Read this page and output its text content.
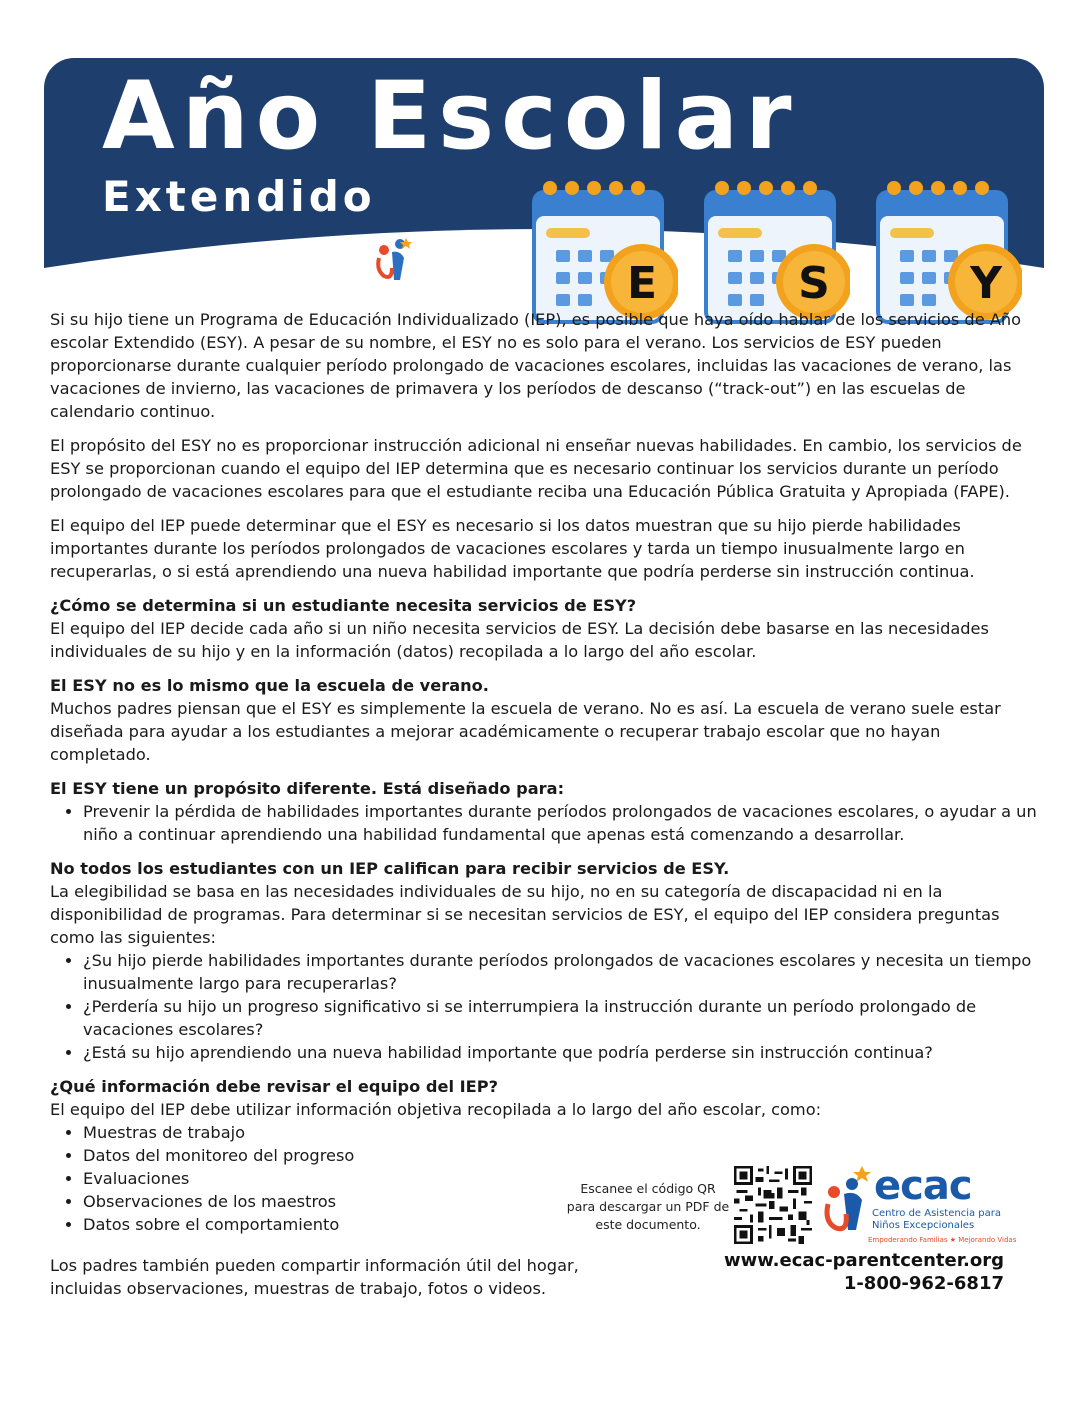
Año Escolar
Extendido
E	S	Y

Si su hijo tiene un Programa de Educación Individualizado (IEP), es posible que haya oído hablar de los servicios de Año escolar Extendido (ESY). A pesar de su nombre, el ESY no es solo para el verano. Los servicios de ESY pueden proporcionarse durante cualquier período prolongado de vacaciones escolares, incluidas las vacaciones de verano, las vacaciones de invierno, las vacaciones de primavera y los períodos de descanso (“track-out”) en las escuelas de calendario continuo.

El propósito del ESY no es proporcionar instrucción adicional ni enseñar nuevas habilidades. En cambio, los servicios de ESY se proporcionan cuando el equipo del IEP determina que es necesario continuar los servicios durante un período prolongado de vacaciones escolares para que el estudiante reciba una Educación Pública Gratuita y Apropiada (FAPE).

El equipo del IEP puede determinar que el ESY es necesario si los datos muestran que su hijo pierde habilidades importantes durante los períodos prolongados de vacaciones escolares y tarda un tiempo inusualmente largo en recuperarlas, o si está aprendiendo una nueva habilidad importante que podría perderse sin instrucción continua.

¿Cómo se determina si un estudiante necesita servicios de ESY?

El equipo del IEP decide cada año si un niño necesita servicios de ESY. La decisión debe basarse en las necesidades individuales de su hijo y en la información (datos) recopilada a lo largo del año escolar.

El ESY no es lo mismo que la escuela de verano.

Muchos padres piensan que el ESY es simplemente la escuela de verano. No es así. La escuela de verano suele estar diseñada para ayudar a los estudiantes a mejorar académicamente o recuperar trabajo escolar que no hayan completado.

El ESY tiene un propósito diferente. Está diseñado para:
• Prevenir la pérdida de habilidades importantes durante períodos prolongados de vacaciones escolares, o ayudar a un niño a continuar aprendiendo una habilidad fundamental que apenas está comenzando a desarrollar.
No todos los estudiantes con un IEP califican para recibir servicios de ESY.

La elegibilidad se basa en las necesidades individuales de su hijo, no en su categoría de discapacidad ni en la disponibilidad de programas. Para determinar si se necesitan servicios de ESY, el equipo del IEP considera preguntas como las siguientes:

• ¿Su hijo pierde habilidades importantes durante períodos prolongados de vacaciones escolares y necesita un tiempo inusualmente largo para recuperarlas?
• ¿Perdería su hijo un progreso significativo si se interrumpiera la instrucción durante un período prolongado de vacaciones escolares?
• ¿Está su hijo aprendiendo una nueva habilidad importante que podría perderse sin instrucción continua?
¿Qué información debe revisar el equipo del IEP?

El equipo del IEP debe utilizar información objetiva recopilada a lo largo del año escolar, como:

• Muestras de trabajo
• Datos del monitoreo del progreso
• Evaluaciones
• Observaciones de los maestros
• Datos sobre el comportamiento
Los padres también pueden compartir información útil del hogar, incluidas observaciones, muestras de trabajo, fotos o videos.
Escanee el código QR para descargar un PDF de este documento.
ecac
Centro de Asistencia para
Niños Excepcionales
Empoderando Familias ★ Mejorando Vidas
www.ecac-parentcenter.org
1-800-962-6817
